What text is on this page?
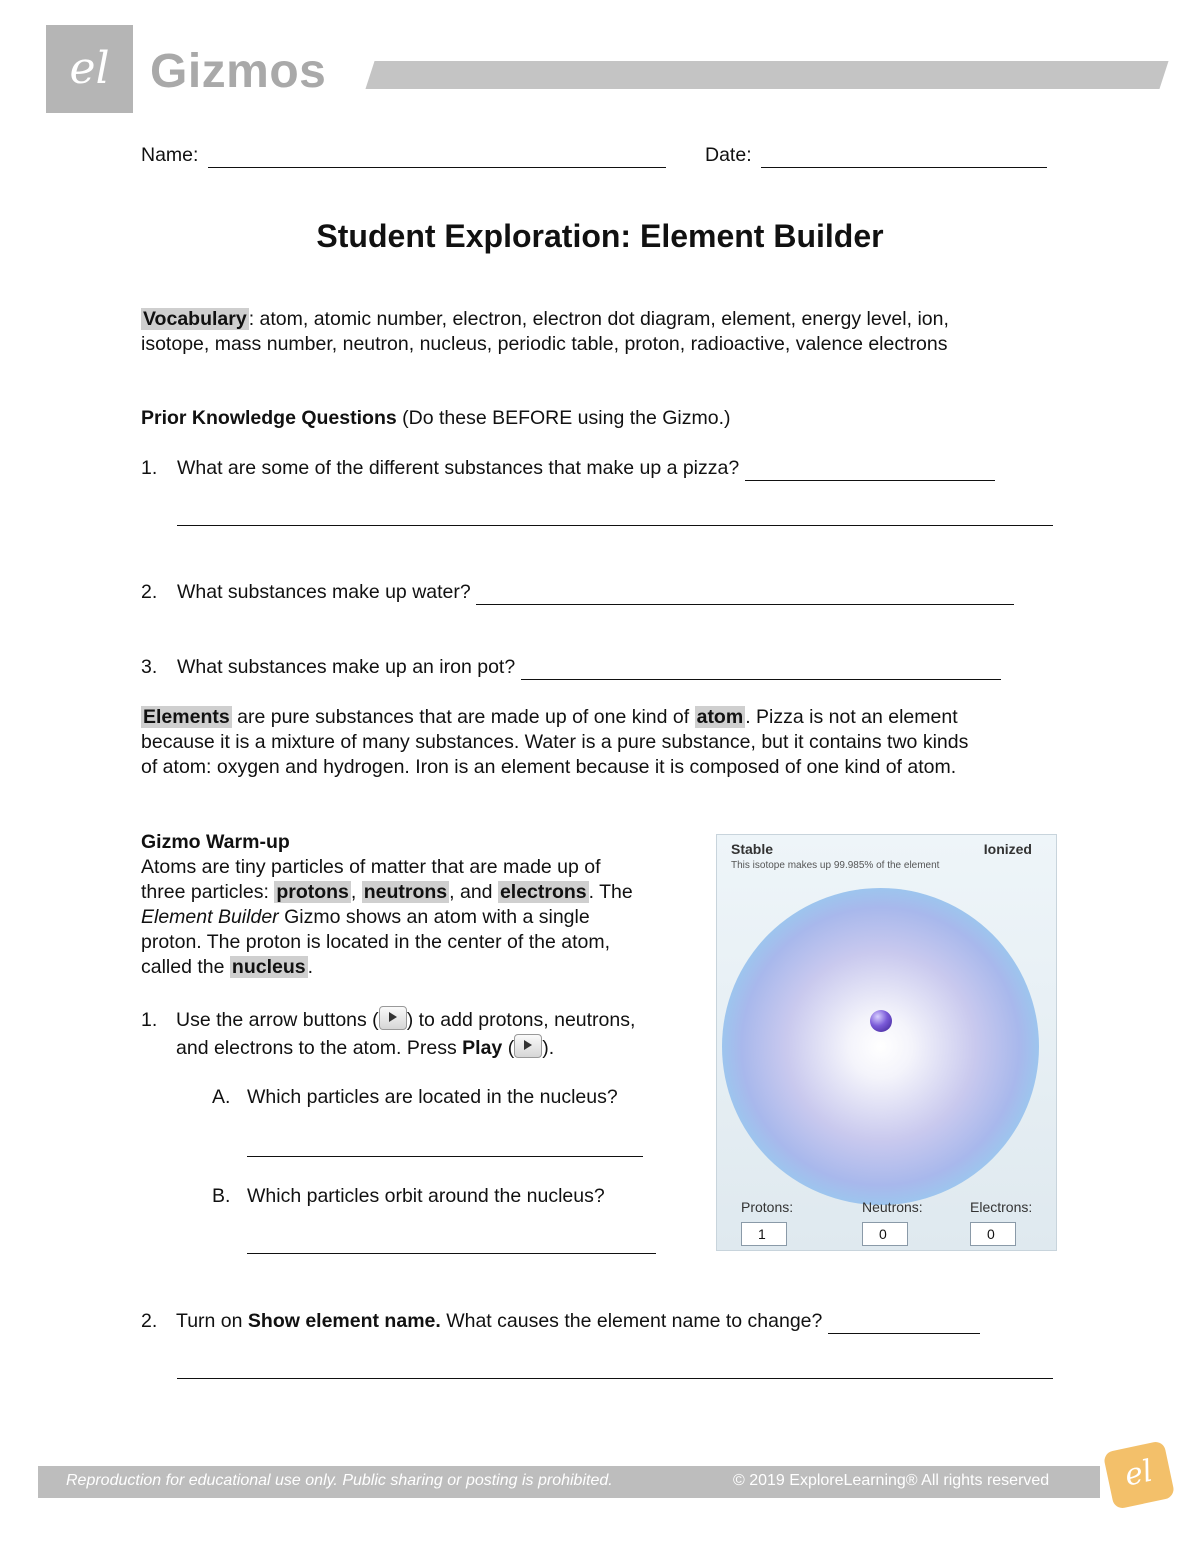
el Gizmos
Name:	Date:
Student Exploration: Element Builder
Vocabulary : atom, atomic number, electron, electron dot diagram, element, energy level, ion,
isotope, mass number, neutron, nucleus, periodic table, proton, radioactive, valence electrons
Prior Knowledge Questions (Do these BEFORE using the Gizmo.)
1. What are some of the different substances that make up a pizza?
2. What substances make up water?
3. What substances make up an iron pot?
Elements are pure substances that are made up of one kind of atom . Pizza is not an element
because it is a mixture of many substances. Water is a pure substance, but it contains two kinds
of atom: oxygen and hydrogen. Iron is an element because it is composed of one kind of atom.
Gizmo Warm-up
Atoms are tiny particles of matter that are made up of
three particles: protons , neutrons , and electrons . The
Element Builder Gizmo shows an atom with a single
proton. The proton is located in the center of the atom,
called the nucleus .
1. Use the arrow buttons ( ) to add protons, neutrons,
and electrons to the atom. Press Play ( ).
A. Which particles are located in the nucleus?
B. Which particles orbit around the nucleus?
2. Turn on Show element name. What causes the element name to change?
Stable	Ionized
This isotope makes up 99.985% of the element
Protons:	Neutrons:	Electrons:
1	0	0
Reproduction for educational use only. Public sharing or posting is prohibited.	© 2019 ExploreLearning® All rights reserved	el
